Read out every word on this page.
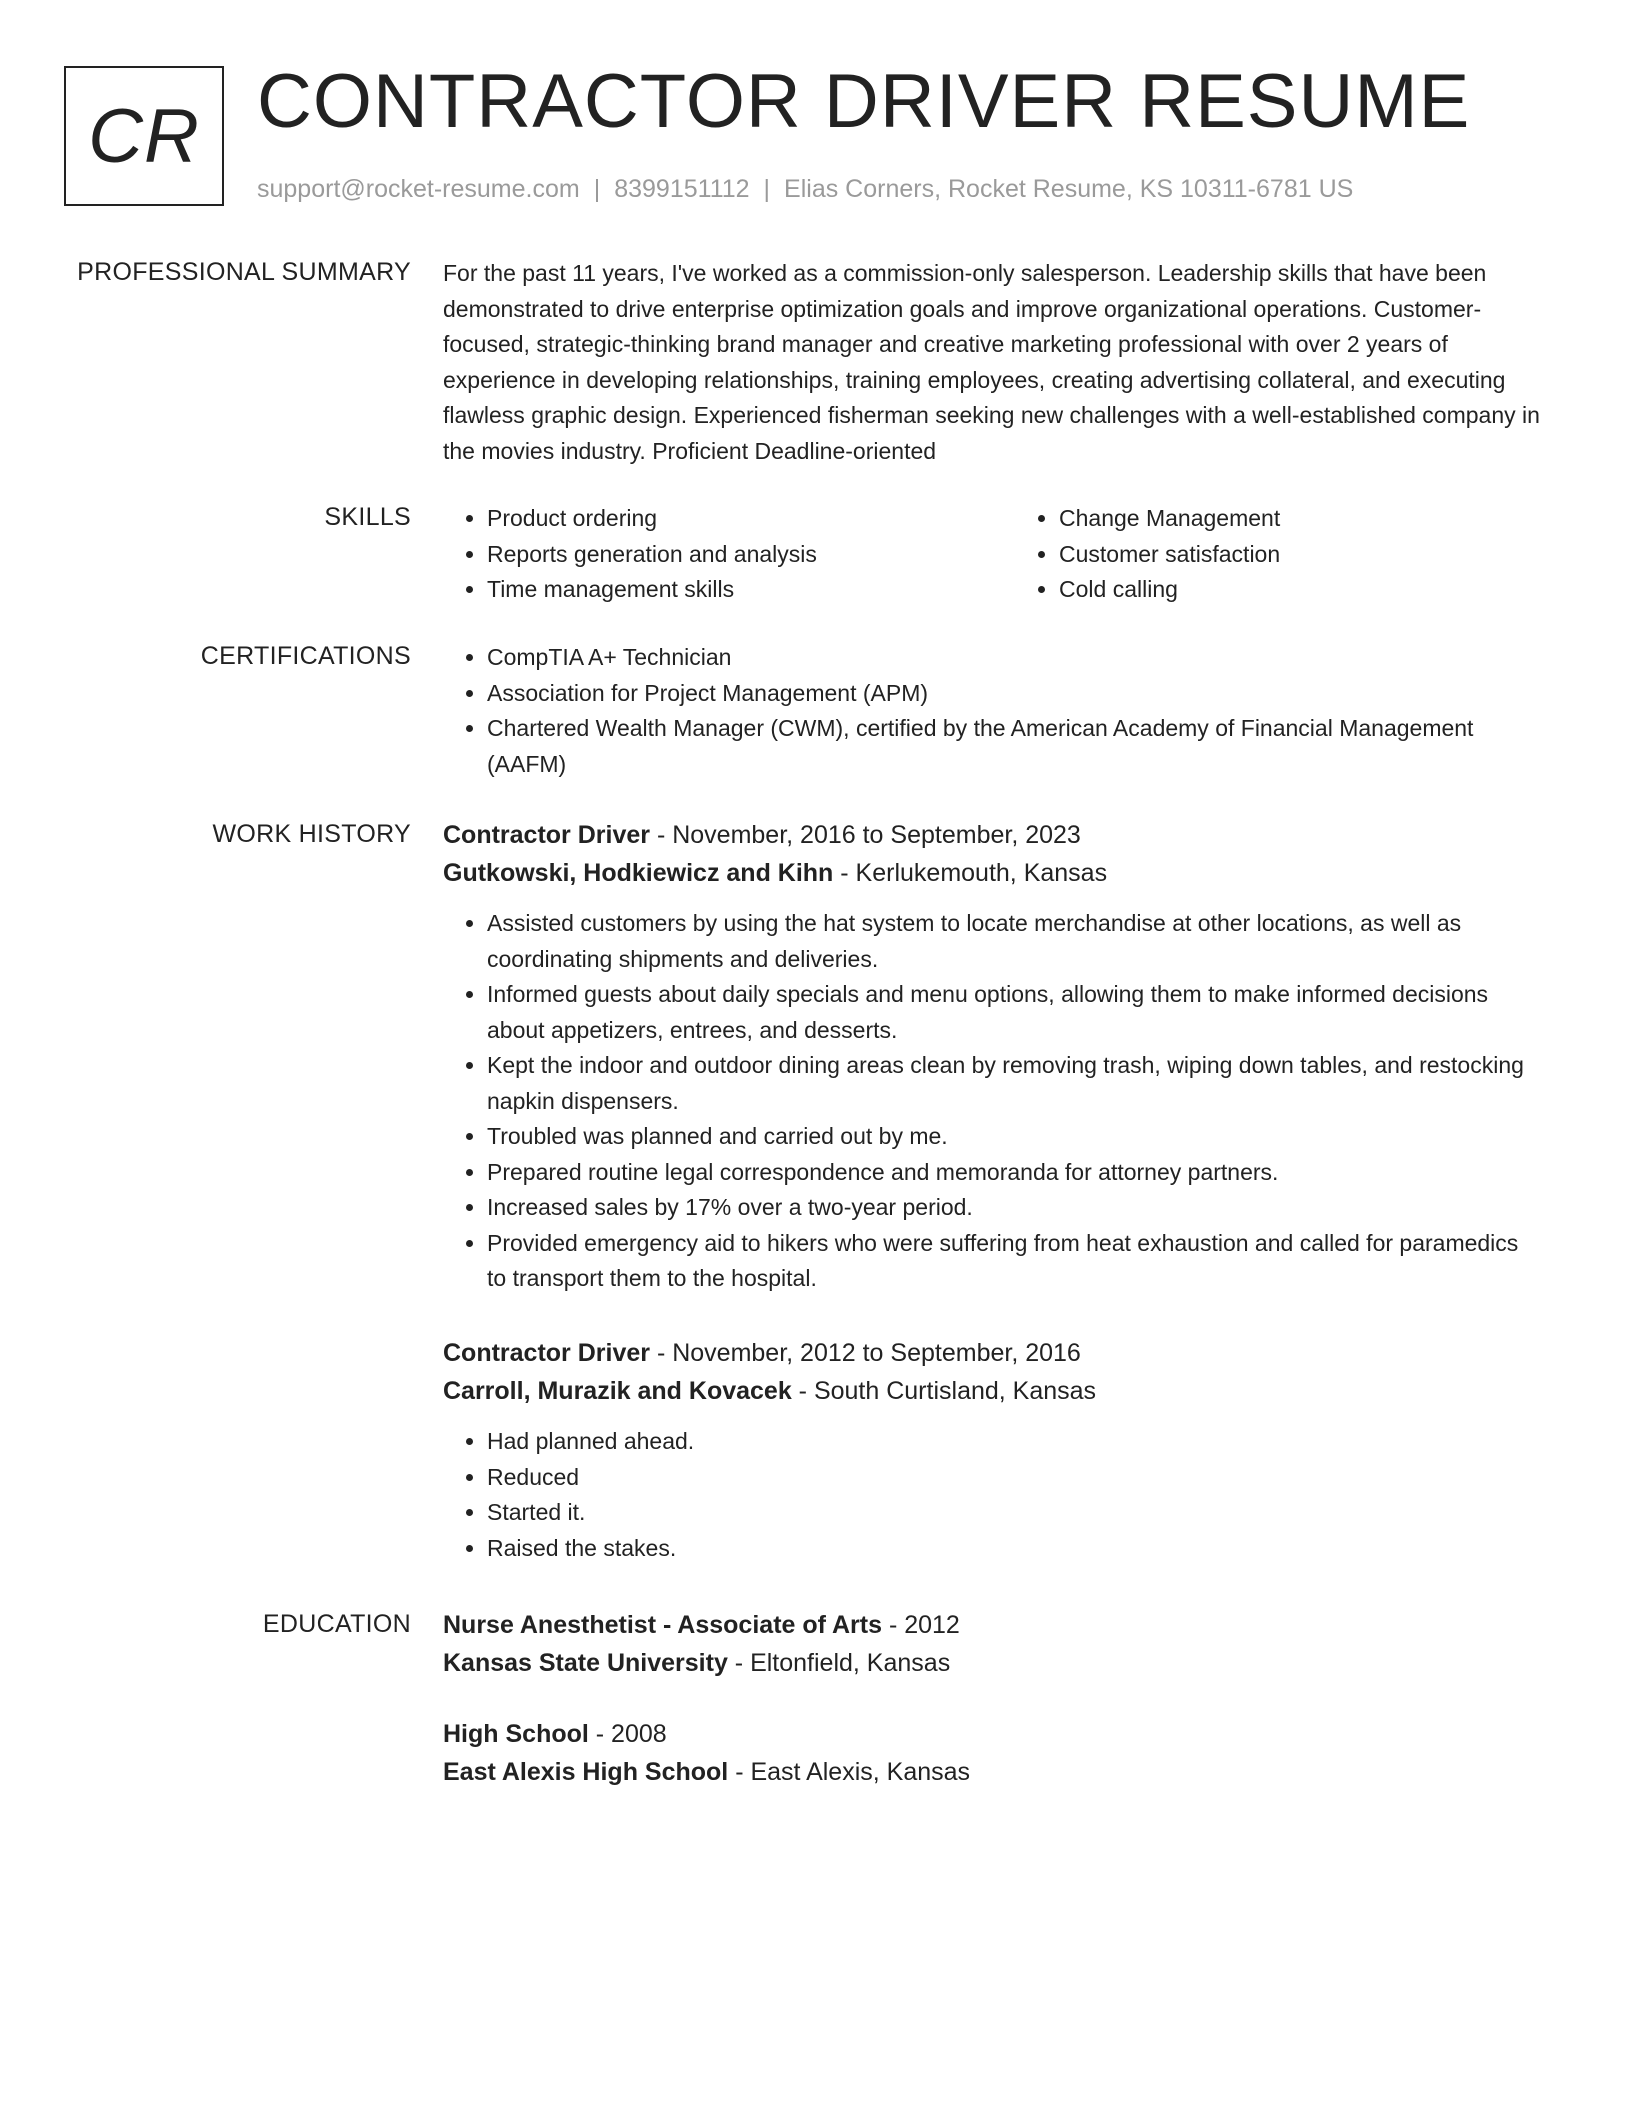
CR CONTRACTOR DRIVER RESUME
support@rocket-resume.com | 8399151112 | Elias Corners, Rocket Resume, KS 10311-6781 US
PROFESSIONAL SUMMARY For the past 11 years, I've worked as a commission-only salesperson. Leadership skills that have been demonstrated to drive enterprise optimization goals and improve organizational operations. Customer-focused, strategic-thinking brand manager and creative marketing professional with over 2 years of experience in developing relationships, training employees, creating advertising collateral, and executing flawless graphic design. Experienced fisherman seeking new challenges with a well-established company in the movies industry. Proficient Deadline-oriented

SKILLS	• Product ordering
• Reports generation and analysis
• Time management skills
• Change Management
• Customer satisfaction
• Cold calling
CERTIFICATIONS	• CompTIA A+ Technician
• Association for Project Management (APM)
• Chartered Wealth Manager (CWM), certified by the American Academy of Financial Management (AAFM)
WORK HISTORY Contractor Driver - November, 2016 to September, 2023
Gutkowski, Hodkiewicz and Kihn - Kerlukemouth, Kansas
• Assisted customers by using the hat system to locate merchandise at other locations, as well as coordinating shipments and deliveries.
• Informed guests about daily specials and menu options, allowing them to make informed decisions about appetizers, entrees, and desserts.
• Kept the indoor and outdoor dining areas clean by removing trash, wiping down tables, and restocking napkin dispensers.
• Troubled was planned and carried out by me.
• Prepared routine legal correspondence and memoranda for attorney partners.
• Increased sales by 17% over a two-year period.
• Provided emergency aid to hikers who were suffering from heat exhaustion and called for paramedics to transport them to the hospital.
Contractor Driver - November, 2012 to September, 2016
Carroll, Murazik and Kovacek - South Curtisland, Kansas
• Had planned ahead.
• Reduced
• Started it.
• Raised the stakes.
EDUCATION Nurse Anesthetist - Associate of Arts - 2012
Kansas State University - Eltonfield, Kansas
High School - 2008
East Alexis High School - East Alexis, Kansas
